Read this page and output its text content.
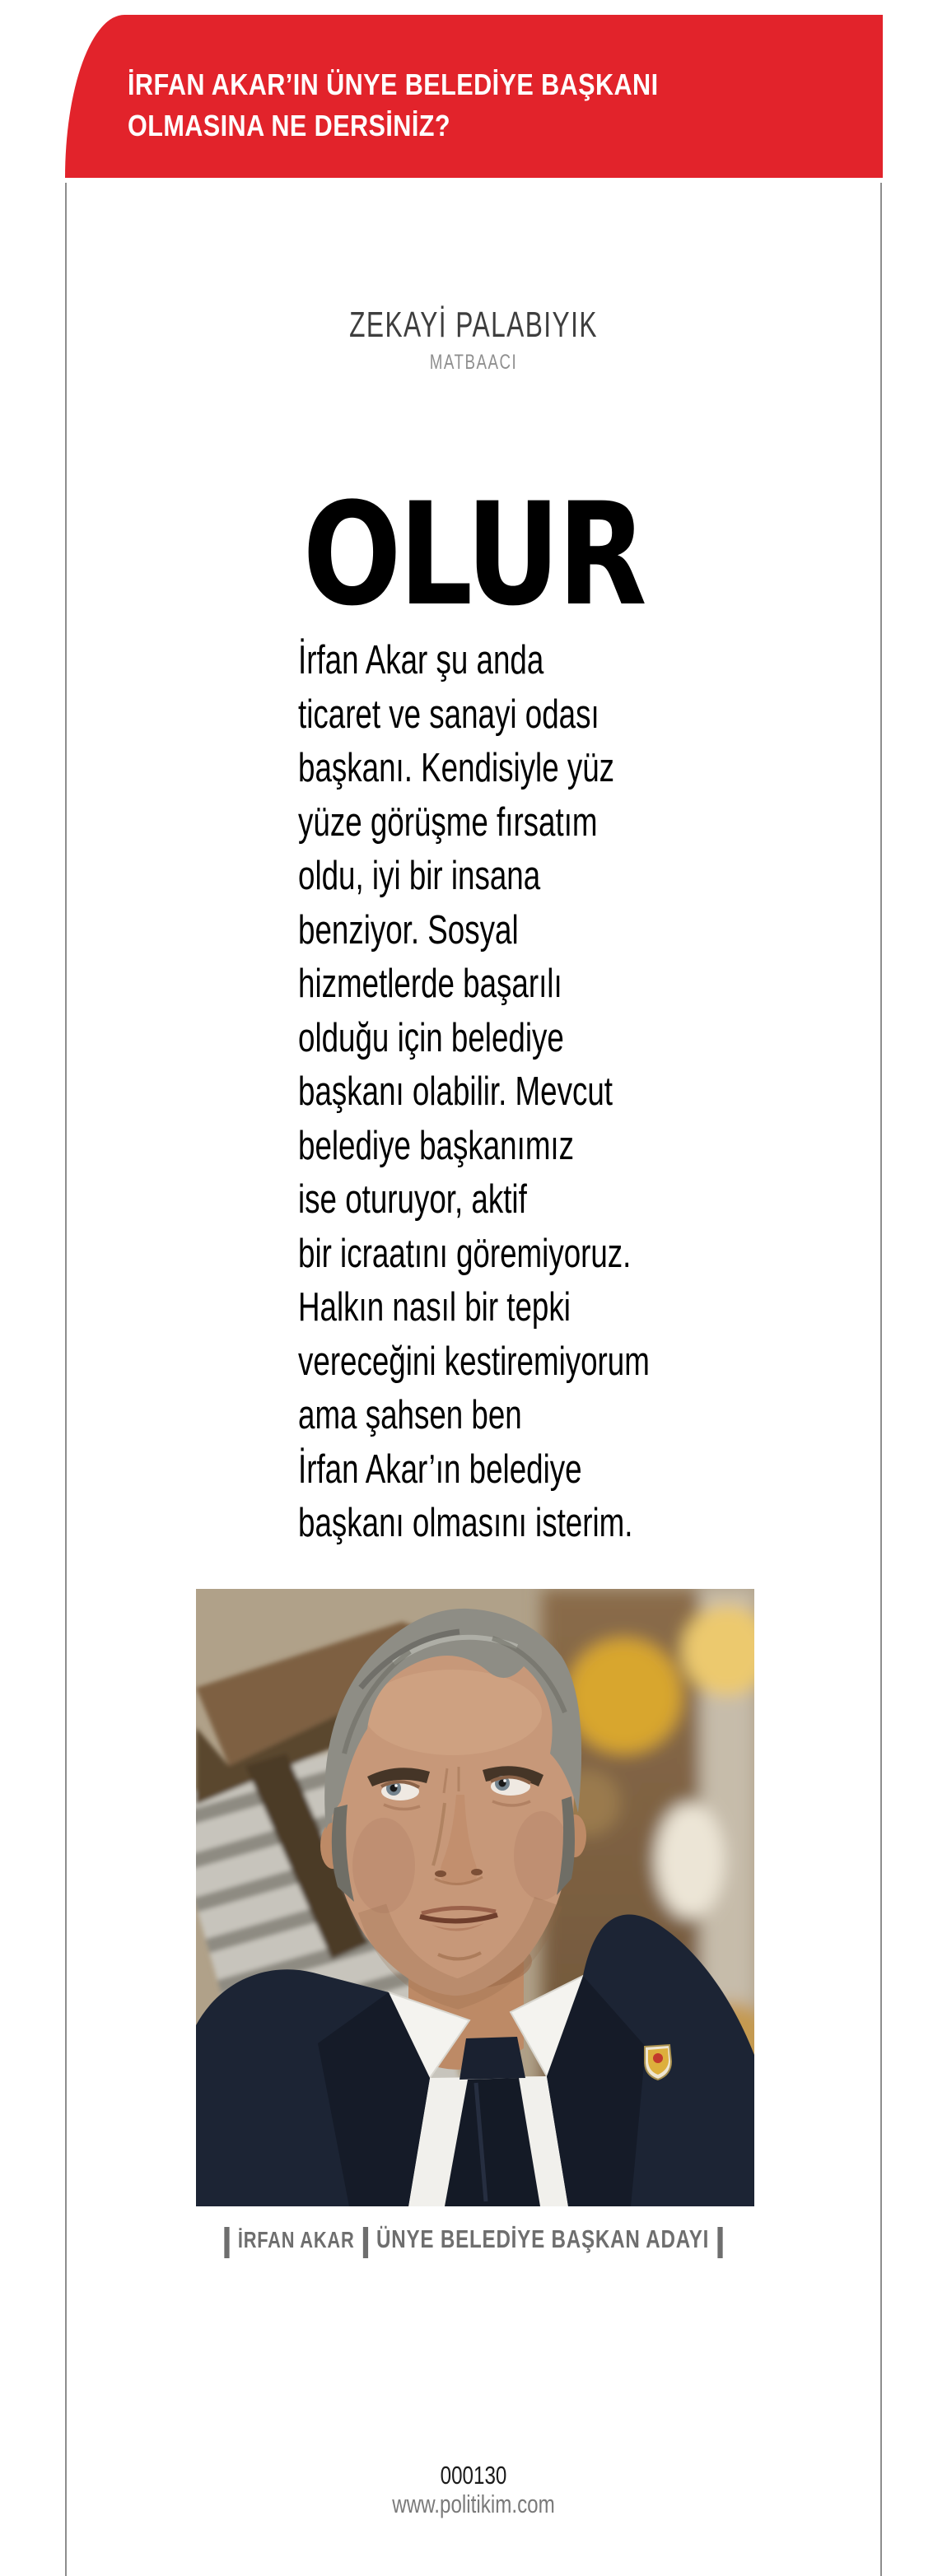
İRFAN AKAR’IN ÜNYE BELEDİYE BAŞKANI
OLMASINA NE DERSİNİZ?
ZEKAYİ PALABIYIK
MATBAACI
OLUR
İrfan Akar şu anda
ticaret ve sanayi odası
başkanı. Kendisiyle yüz
yüze görüşme fırsatım
oldu, iyi bir insana
benziyor. Sosyal
hizmetlerde başarılı
olduğu için belediye
başkanı olabilir. Mevcut
belediye başkanımız
ise oturuyor, aktif
bir icraatını göremiyoruz.
Halkın nasıl bir tepki
vereceğini kestiremiyorum
ama şahsen ben
İrfan Akar’ın belediye
başkanı olmasını isterim.
İRFAN AKAR ÜNYE BELEDİYE BAŞKAN ADAYI
000130
www.politikim.com
